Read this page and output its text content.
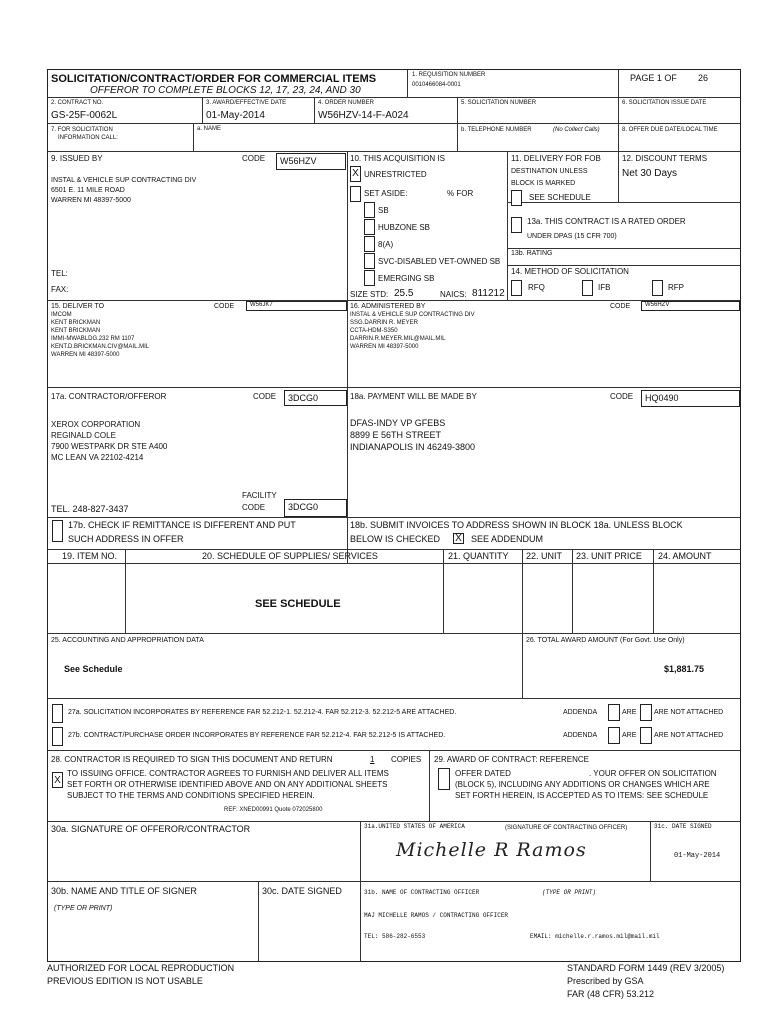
SOLICITATION/CONTRACT/ORDER FOR COMMERCIAL ITEMS
OFFEROR TO COMPLETE BLOCKS 12, 17, 23, 24, AND 30
1. REQUISITION NUMBER
0010466084-0001
PAGE 1 OF 26
2. CONTRACT NO.
GS-25F-0062L
3. AWARD/EFFECTIVE DATE
01-May-2014
4. ORDER NUMBER
W56HZV-14-F-A024
5. SOLICITATION NUMBER	6. SOLICITATION ISSUE DATE
7. FOR SOLICITATION
INFORMATION CALL:
a. NAME	b. TELEPHONE NUMBER	(No Collect Calls)	8. OFFER DUE DATE/LOCAL TIME
9. ISSUED BY	CODE	W56HZV
INSTAL & VEHICLE SUP CONTRACTING DIV
6501 E. 11 MILE ROAD
WARREN MI 48397-5000
TEL:
FAX:
10. THIS ACQUISITION IS
X UNRESTRICTED
SET ASIDE:	% FOR
SB
HUBZONE SB
8(A)
SVC-DISABLED VET-OWNED SB
EMERGING SB
SIZE STD: 25.5	NAICS: 811212
11. DELIVERY FOR FOB
DESTINATION UNLESS
BLOCK IS MARKED
SEE SCHEDULE
12. DISCOUNT TERMS
Net 30 Days
13a. THIS CONTRACT IS A RATED ORDER
UNDER DPAS (15 CFR 700)
13b. RATING
14. METHOD OF SOLICITATION
RFQ	IFB	RFP
15. DELIVER TO	CODE	W56JK7
IMCOM
KENT BRICKMAN
KENT BRICKMAN
IMMI-MWABLDG.232 RM 1107
KENT.D.BRICKMAN.CIV@MAIL.MIL
WARREN MI 48397-5000
16. ADMINISTERED BY	CODE	W56HZV
INSTAL & VEHICLE SUP CONTRACTING DIV
SSG.DARRIN R. MEYER
CCTA-HDM-S350
DARRIN.R.MEYER.MIL@MAIL.MIL
WARREN MI 48397-5000
17a. CONTRACTOR/OFFEROR	CODE	3DCG0
XEROX CORPORATION
REGINALD COLE
7900 WESTPARK DR STE A400
MC LEAN VA 22102-4214
TEL. 248-827-3437
FACILITY
CODE	3DCG0
17b. CHECK IF REMITTANCE IS DIFFERENT AND PUT
SUCH ADDRESS IN OFFER
18a. PAYMENT WILL BE MADE BY	CODE	HQ0490
DFAS-INDY VP GFEBS
8899 E 56TH STREET
INDIANAPOLIS IN 46249-3800
18b. SUBMIT INVOICES TO ADDRESS SHOWN IN BLOCK 18a. UNLESS BLOCK
BELOW IS CHECKED X SEE ADDENDUM
19. ITEM NO.	20. SCHEDULE OF SUPPLIES/ SERVICES	21. QUANTITY 22. UNIT 23. UNIT PRICE 24. AMOUNT
SEE SCHEDULE
25. ACCOUNTING AND APPROPRIATION DATA
See Schedule
26. TOTAL AWARD AMOUNT (For Govt. Use Only)
$1,881.75
27a. SOLICITATION INCORPORATES BY REFERENCE FAR 52.212-1. 52.212-4. FAR 52.212-3. 52.212-5 ARE ATTACHED.	ADDENDA	ARE	ARE NOT ATTACHED
27b. CONTRACT/PURCHASE ORDER INCORPORATES BY REFERENCE FAR 52.212-4. FAR 52.212-5 IS ATTACHED.	ADDENDA	ARE	ARE NOT ATTACHED
28. CONTRACTOR IS REQUIRED TO SIGN THIS DOCUMENT AND RETURN	1 COPIES
X
TO ISSUING OFFICE. CONTRACTOR AGREES TO FURNISH AND DELIVER ALL ITEMS
SET FORTH OR OTHERWISE IDENTIFIED ABOVE AND ON ANY ADDITIONAL SHEETS
SUBJECT TO THE TERMS AND CONDITIONS SPECIFIED HEREIN.
REF: XNED00991 Quote 072025800
29. AWARD OF CONTRACT: REFERENCE
OFFER DATED	. YOUR OFFER ON SOLICITATION
(BLOCK 5), INCLUDING ANY ADDITIONS OR CHANGES WHICH ARE
SET FORTH HEREIN, IS ACCEPTED AS TO ITEMS: SEE SCHEDULE
30a. SIGNATURE OF OFFEROR/CONTRACTOR	31a.UNITED STATES OF AMERICA	(SIGNATURE OF CONTRACTING OFFICER)	31c. DATE SIGNED
Michelle R Ramos	01-May-2014
30b. NAME AND TITLE OF SIGNER
(TYPE OR PRINT)
30c. DATE SIGNED	31b. NAME OF CONTRACTING OFFICER	(TYPE OR PRINT)
MAJ MICHELLE RAMOS / CONTRACTING OFFICER
TEL: 586-282-6553	EMAIL: michelle.r.ramos.mil@mail.mil
AUTHORIZED FOR LOCAL REPRODUCTION
PREVIOUS EDITION IS NOT USABLE
STANDARD FORM 1449 (REV 3/2005)
Prescribed by GSA
FAR (48 CFR) 53.212
